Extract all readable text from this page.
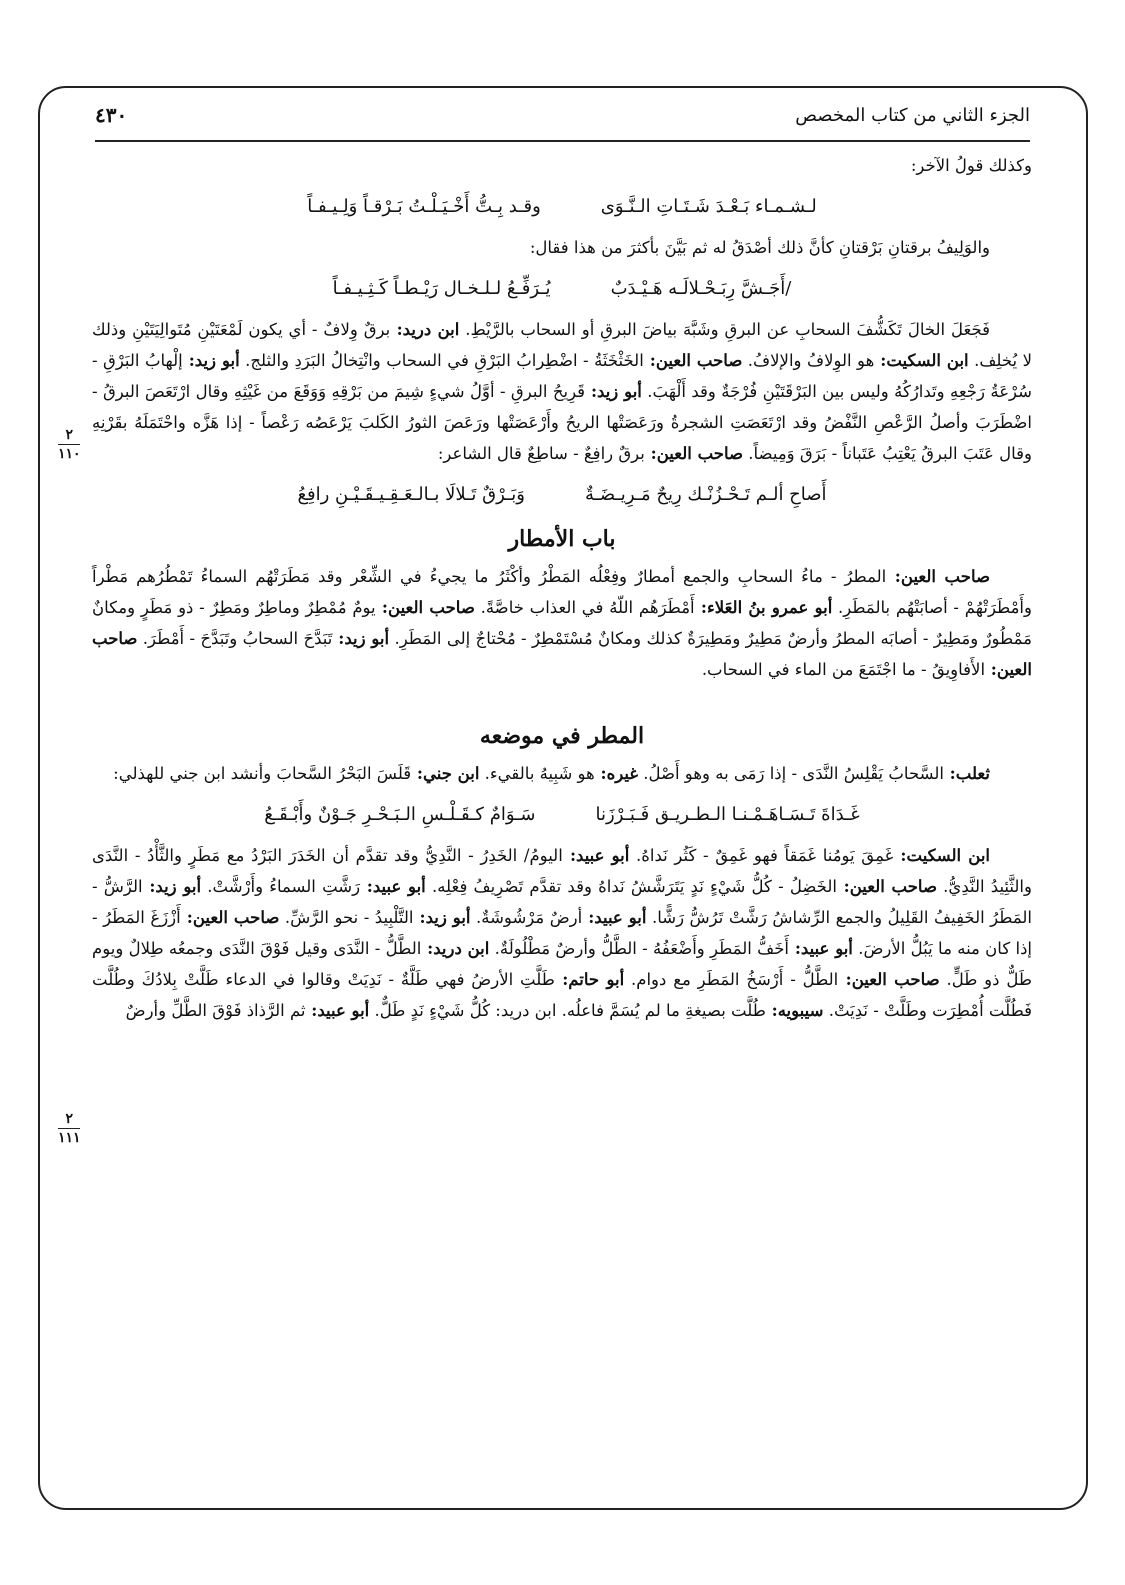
الجزء الثاني من كتاب المخصص
٤٣٠
٢
١١٠
٢
١١١

وكذلك قولُ الآخر:

لـشـمـاء بَـعْـدَ شَـتَـاتِ الـنَّـوَى
وقـد بِـتُّ أَخْـيَـلْـتُ بَـرْقـاً وَلِـيـفـاً

والوَلِيفُ برقتانِ بَرْقتانِ كأنَّ ذلك أصْدَقُ له ثم بَيَّنَ بأكثرَ من هذا فقال:

/أَجَـشَّ رِبَـحْـلالَـه هَـيْـدَبٌ
يُـرَفِّـعُ لـلـخـال رَيْـطـاً كَـثِـيـفـاً

فَجَعَلَ الخالَ تَكَشُّفَ السحابِ عن البرقِ وشَبَّهَ بياضَ البرقِ أو السحاب بالرَّيْطِ. ابن دريد: برقٌ وِلافٌ - أي يكون لَمْعَتَيْنِ مُتَوالِيَتَيْنِ وذلك لا يُخلِف. ابن السكيت: هو الوِلافُ والإلافُ. صاحب العين: الخَثْخَثَةُ - اضْطِرابُ البَرْقِ في السحاب وانْتِخالُ البَرَدِ والثلج. أبو زيد: إلْهابُ البَرْقِ - سُرْعَةُ رَجْعِهِ وتَدارُكُهُ وليس بين البَرْقَتَيْنِ فُرْجَةٌ وقد أَلْهَبَ. أبو زيد: قَرِيحُ البرقِ - أوَّلُ شيءٍ شِيمَ من بَرْقِهِ وَوَقَعَ من غَيْثِهِ وقال ارْتَعَصَ البرقُ - اضْطَرَبَ وأصلُ الرَّعْصِ النَّفْضُ وقد ارْتَعَصَتِ الشجرةُ ورَعَصَتْها الريحُ وأَرْعَصَتْها ورَعَصَ الثورُ الكَلبَ يَرْعَصُه رَعْصاً - إذا هَزَّه واحْتَمَلَهُ بقَرْنِهِ وقال عَتَبَ البرقُ يَعْتِبُ عَتَباناً - بَرَقَ وَمِيضاً. صاحب العين: برقٌ رافِعٌ - ساطِعٌ قال الشاعر:

أَصاحِ ألـم تَـحْـزُنْـك رِيحٌ مَـرِيـضَـةٌ
وَبَـرْقٌ تَـلالَا بـالـعَـقِـيـقَـيْـنِ رافِعُ
باب الأمطار

صاحب العين: المطرُ - ماءُ السحابِ والجمع أمطارٌ وفِعْلُه المَطْرُ وأكْثَرُ ما يجيءُ في الشِّعْر وقد مَطَرَتْهُم السماءُ تَمْطُرُهم مَطْراً وأَمْطَرَتْهُمْ - أصابَتْهُم بالمَطَرِ. أبو عمرو بنُ العَلاء: أَمْطَرَهُم اللّهُ في العذاب خاصَّةً. صاحب العين: يومٌ مُمْطِرٌ وماطِرٌ ومَطِرٌ - ذو مَطَرٍ ومكانٌ مَمْطُورٌ ومَطِيرٌ - أصابَه المطرُ وأرضٌ مَطِيرٌ ومَطِيرَةٌ كذلك ومكانٌ مُسْتَمْطِرٌ - مُحْتاجٌ إلى المَطَرِ. أبو زيد: تَبَدَّحَ السحابُ وتَبَدَّحَ - أَمْطَرَ. صاحب العين: الأَفاوِيقُ - ما اجْتَمَعَ من الماء في السحاب.

المطر في موضعه

ثعلب: السَّحابُ يَقْلِسُ النَّدَى - إذا رَمَى به وهو أَصْلُ. غيره: هو شَبِيهُ بالقيء. ابن جني: قَلَسَ البَحْرُ السَّحابَ وأنشد ابن جني للهذلي:

غَـدَاةَ تَـسَـاهَـمْـنـا الـطـريـق فَـبَـرْزَنا
سَـوَامٌ كـقَـلْـسِ الـبَـحْـرِ جَـوْنٌ وأَبْـقَـعُ

ابن السكيت: غَمِقَ يَومُنا غَمَقاً فهو غَمِقٌ - كَثُر نَداهُ. أبو عبيد: اليومُ/ الخَدِرُ - النَّدِيُّ وقد تقدَّم أن الخَدَرَ البَرْدُ مع مَطَرٍ والثَّأْدُ - النَّدَى والثَّئِيدُ النَّدِيُّ. صاحب العين: الخَضِلُ - كُلُّ شَيْءٍ نَدٍ يَتَرَشَّشُ نَداهُ وقد تقدَّم تَصْرِيفُ فِعْلِه. أبو عبيد: رَشَّتِ السماءُ وأَرْشَّتْ. أبو زيد: الرَّشُّ - المَطَرُ الخَفِيفُ القَلِيلُ والجمع الرِّشاشُ رَشَّتْ تَرُشُّ رَشًّا. أبو عبيد: أرضٌ مَرْشُوشَةٌ. أبو زيد: التَّلْبِيدُ - نحو الرَّشِّ. صاحب العين: أَزْزَغَ المَطَرُ - إذا كان منه ما يَبُلُّ الأرضَ. أبو عبيد: أَخَفُّ المَطَرِ وأَضْعَفُهُ - الطَّلُّ وأرضٌ مَطْلُولَةٌ. ابن دريد: الطَّلُّ - النَّدَى وقيل فَوْقَ النَّدَى وجمعُه طِلالٌ ويوم طَلٌّ ذو طَلٍّ. صاحب العين: الطَّلُّ - أَرْسَخُ المَطَرِ مع دوام. أبو حاتم: طَلَّتِ الأرضُ فهي طَلَّةٌ - نَدِيَتْ وقالوا في الدعاء طَلَّتْ بِلادُكَ وطُلَّت فَطُلَّت أُمْطِرَت وطَلَّتْ - نَدِيَتْ. سيبويه: طُلَّت بصيغةِ ما لم يُسَمَّ فاعلُه. ابن دريد: كُلُّ شَيْءٍ نَدٍ طَلٌّ. أبو عبيد: ثم الرَّذاذ فَوْقَ الطَّلِّ وأرضٌ
